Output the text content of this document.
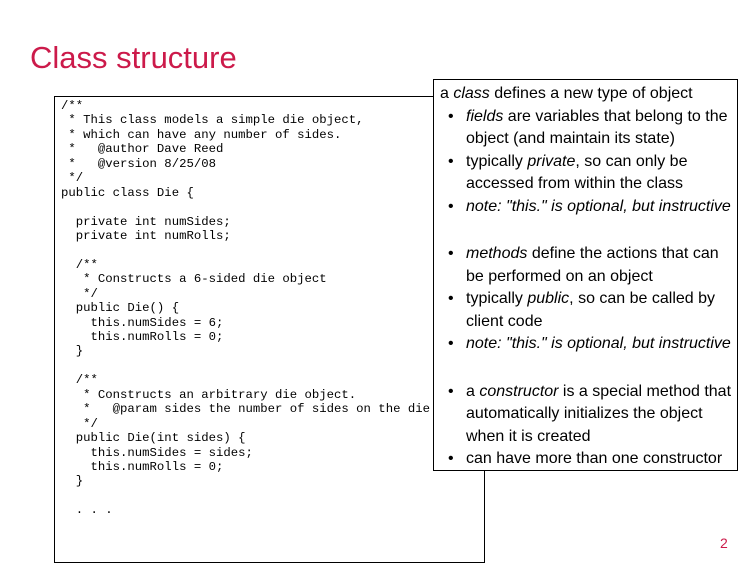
Class structure
/**
* This class models a simple die object,
* which can have any number of sides.
*   @author Dave Reed
*   @version 8/25/08
*/
public class Die {
private int numSides;
private int numRolls;
/**
* Constructs a 6-sided die object
*/
public Die() {
this.numSides = 6;
this.numRolls = 0;
}
/**
* Constructs an arbitrary die object.
*   @param sides the number of sides on the die
*/
public Die(int sides) {
this.numSides = sides;
this.numRolls = 0;
}
. . .
a class defines a new type of object
• fields are variables that belong to the object (and maintain its state)
• typically private, so can only be accessed from within the class
• note: "this." is optional, but instructive
• methods define the actions that can be performed on an object
• typically public, so can be called by client code
• note: "this." is optional, but instructive
• a constructor is a special method that automatically initializes the object when it is created
• can have more than one constructor
2
